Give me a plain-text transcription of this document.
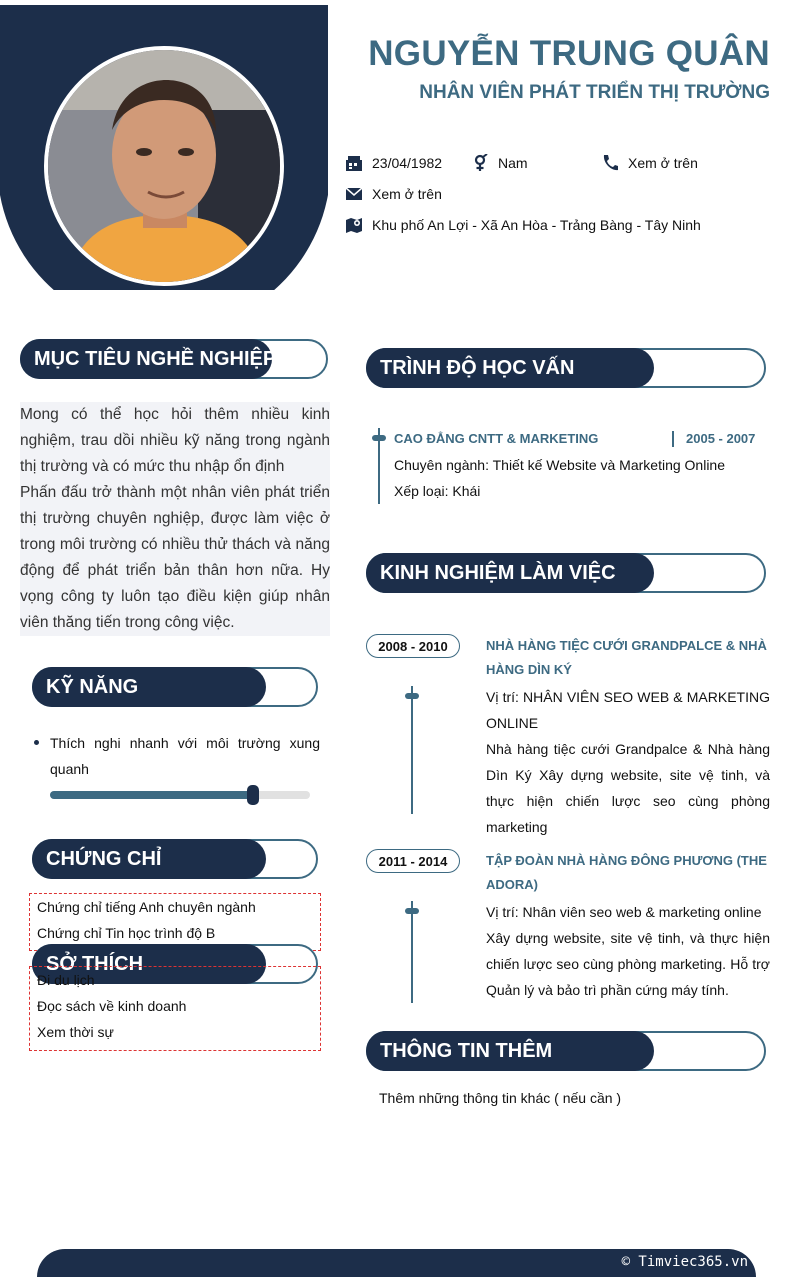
NGUYỄN TRUNG QUÂN
NHÂN VIÊN PHÁT TRIỂN THỊ TRƯỜNG
23/04/1982	Nam	Xem ở trên
Xem ở trên
Khu phố An Lợi - Xã An Hòa - Trảng Bàng - Tây Ninh
MỤC TIÊU NGHỀ NGHIỆP

Mong có thể học hỏi thêm nhiều kinh nghiệm, trau dồi nhiều kỹ năng trong ngành thị trường và có mức thu nhập ổn định

Phấn đấu trở thành một nhân viên phát triển thị trường chuyên nghiệp, được làm việc ở trong môi trường có nhiều thử thách và năng động để phát triển bản thân hơn nữa. Hy vọng công ty luôn tạo điều kiện giúp nhân viên thăng tiến trong công việc.

KỸ NĂNG
Thích nghi nhanh với môi trường xung quanh
CHỨNG CHỈ
Chứng chỉ tiếng Anh chuyên ngành
Chứng chỉ Tin học trình độ B
SỞ THÍCH
Đi du lịch
Đọc sách về kinh doanh
Xem thời sự
TRÌNH ĐỘ HỌC VẤN
CAO ĐẲNG CNTT & MARKETING	2005 - 2007
Chuyên ngành: Thiết kế Website và Marketing Online
Xếp loại: Khái
KINH NGHIỆM LÀM VIỆC
2008 - 2010	NHÀ HÀNG TIỆC CƯỚI GRANDPALCE & NHÀ HÀNG DÌN KÝ
Vị trí: NHÂN VIÊN SEO WEB & MARKETING ONLINE
Nhà hàng tiệc cưới Grandpalce & Nhà hàng Dìn Ký Xây dựng website, site vệ tinh, và thực hiện chiến lược seo cùng phòng marketing
2011 - 2014	TẬP ĐOÀN NHÀ HÀNG ĐÔNG PHƯƠNG (THE ADORA)
Vị trí: Nhân viên seo web & marketing online
Xây dựng website, site vệ tinh, và thực hiện chiến lược seo cùng phòng marketing. Hỗ trợ Quản lý và bảo trì phần cứng máy tính.
THÔNG TIN THÊM
Thêm những thông tin khác ( nếu cần )
© Timviec365.vn
